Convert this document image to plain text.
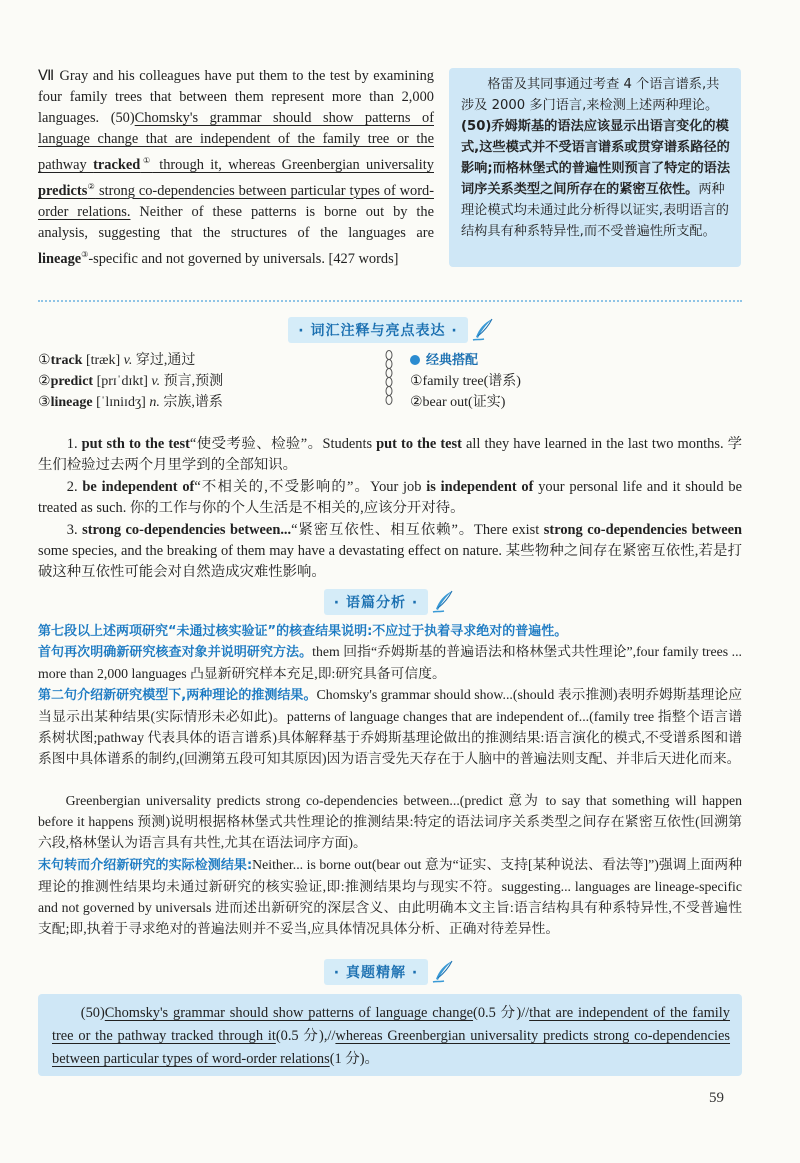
Ⅶ Gray and his colleagues have put them to the test by examining four family trees that between them represent more than 2,000 languages. (50)Chomsky's grammar should show patterns of language change that are independent of the family tree or the pathway tracked① through it, whereas Greenbergian universality predicts② strong co-dependencies between particular types of word-order relations. Neither of these patterns is borne out by the analysis, suggesting that the structures of the languages are lineage③-specific and not governed by universals. [427 words]
格雷及其同事通过考查 4 个语言谱系,共涉及 2000 多门语言,来检测上述两种理论。(50)乔姆斯基的语法应该显示出语言变化的模式,这些模式并不受语言谱系或贯穿谱系路径的影响;而格林堡式的普遍性则预言了特定的语法词序关系类型之间所存在的紧密互依性。两种理论模式均未通过此分析得以证实,表明语言的结构具有种系特异性,而不受普遍性所支配。
· 词汇注释与亮点表达 ·
①track [træk] v. 穿过,通过
②predict [prɪˈdɪkt] v. 预言,预测
③lineage [ˈlɪniɪdʒ] n. 宗族,谱系
经典搭配
①family tree(谱系)
②bear out(证实)
1. put sth to the test“使受考验、检验”。Students put to the test all they have learned in the last two months. 学生们检验过去两个月里学到的全部知识。
2. be independent of“不相关的,不受影响的”。Your job is independent of your personal life and it should be treated as such. 你的工作与你的个人生活是不相关的,应该分开对待。
3. strong co-dependencies between...“紧密互依性、相互依赖”。There exist strong co-dependencies between some species, and the breaking of them may have a devastating effect on nature. 某些物种之间存在紧密互依性,若是打破这种互依性可能会对自然造成灾难性影响。
· 语篇分析 ·
第七段以上述两项研究“未通过核实验证”的核查结果说明:不应过于执着寻求绝对的普遍性。
首句再次明确新研究核查对象并说明研究方法。them 回指“乔姆斯基的普遍语法和格林堡式共性理论”,four family trees ... more than 2,000 languages 凸显新研究样本充足,即:研究具备可信度。
第二句介绍新研究模型下,两种理论的推测结果。Chomsky's grammar should show...(should 表示推测)表明乔姆斯基理论应当显示出某种结果(实际情形未必如此)。patterns of language changes that are independent of...(family tree 指整个语言谱系树状图;pathway 代表具体的语言谱系)具体解释基于乔姆斯基理论做出的推测结果:语言演化的模式,不受谱系图和谱系图中具体谱系的制约,(回溯第五段可知其原因)因为语言受先天存在于人脑中的普遍法则支配、并非后天进化而来。
Greenbergian universality predicts strong co-dependencies between...(predict 意为 to say that something will happen before it happens 预测)说明根据格林堡式共性理论的推测结果:特定的语法词序关系类型之间存在紧密互依性(回溯第六段,格林堡认为语言具有共性,尤其在语法词序方面)。
末句转而介绍新研究的实际检测结果:Neither... is borne out(bear out 意为“证实、支持[某种说法、看法等]”)强调上面两种理论的推测性结果均未通过新研究的核实验证,即:推测结果均与现实不符。suggesting... languages are lineage-specific and not governed by universals 进而述出新研究的深层含义、由此明确本文主旨:语言结构具有种系特异性,不受普遍性支配;即,执着于寻求绝对的普遍法则并不妥当,应具体情况具体分析、正确对待差异性。
· 真题精解 ·
(50)Chomsky's grammar should show patterns of language change(0.5 分)//that are independent of the family tree or the pathway tracked through it(0.5 分),//whereas Greenbergian universality predicts strong co-dependencies between particular types of word-order relations(1 分)。
59
